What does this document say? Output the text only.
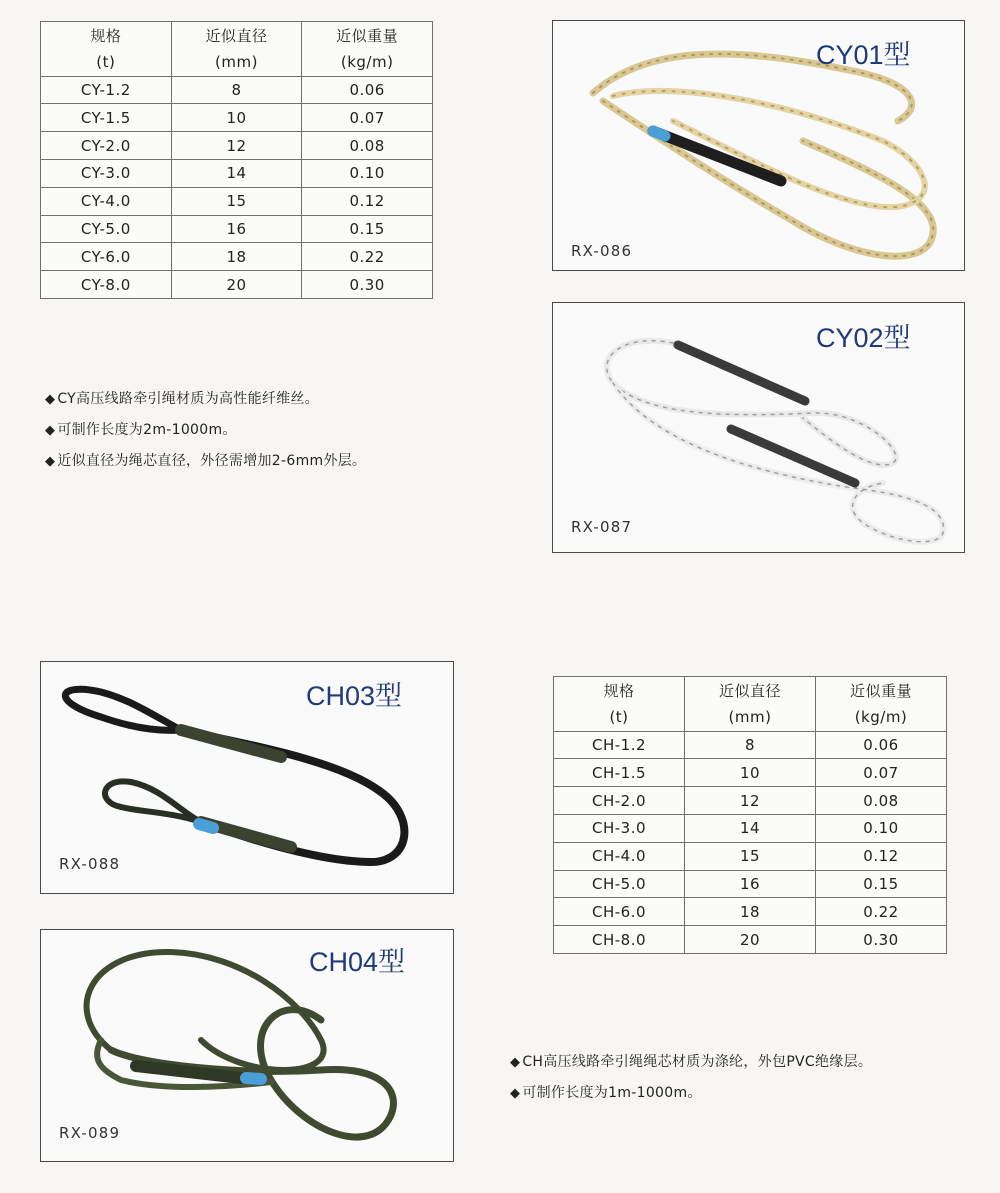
规格	近似直径	近似重量
(t)	(mm)	(kg/m)
CY-1.2	8	0.06
CY-1.5	10	0.07
CY-2.0	12	0.08
CY-3.0	14	0.10
CY-4.0	15	0.12
CY-5.0	16	0.15
CY-6.0	18	0.22
CY-8.0	20	0.30
◆ CY高压线路牵引绳材质为高性能纤维丝。
◆ 可制作长度为2m-1000m。
◆ 近似直径为绳芯直径，外径需增加2-6mm外层。
CY01型
RX-086
CY02型
RX-087
CH03型
RX-088
CH04型
RX-089
规格	近似直径	近似重量
(t)	(mm)	(kg/m)
CH-1.2	8	0.06
CH-1.5	10	0.07
CH-2.0	12	0.08
CH-3.0	14	0.10
CH-4.0	15	0.12
CH-5.0	16	0.15
CH-6.0	18	0.22
CH-8.0	20	0.30
◆ CH高压线路牵引绳绳芯材质为涤纶，外包PVC绝缘层。
◆ 可制作长度为1m-1000m。
